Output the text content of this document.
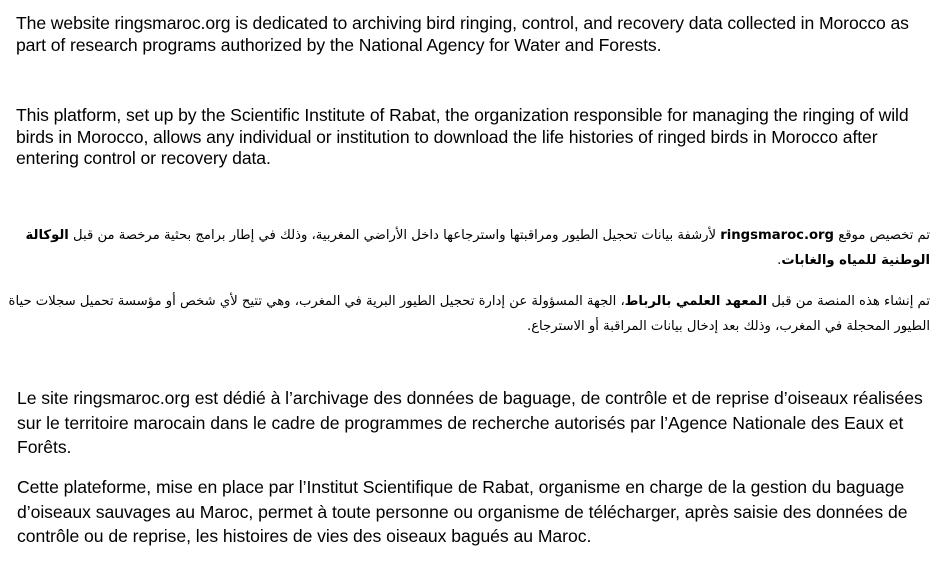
The website ringsmaroc.org is dedicated to archiving bird ringing, control, and recovery data collected in Morocco as part of research programs authorized by the National Agency for Water and Forests.

This platform, set up by the Scientific Institute of Rabat, the organization responsible for managing the ringing of wild birds in Morocco, allows any individual or institution to download the life histories of ringed birds in Morocco after entering control or recovery data.

تم تخصيص موقع ringsmaroc.org لأرشفة بيانات تحجيل الطيور ومراقبتها واسترجاعها داخل الأراضي المغربية، وذلك في إطار برامج بحثية مرخصة من قبل الوكالة الوطنية للمياه والغابات.

تم إنشاء هذه المنصة من قبل المعهد العلمي بالرباط، الجهة المسؤولة عن إدارة تحجيل الطيور البرية في المغرب، وهي تتيح لأي شخص أو مؤسسة تحميل سجلات حياة الطيور المحجلة في المغرب، وذلك بعد إدخال بيانات المراقبة أو الاسترجاع.

Le site ringsmaroc.org est dédié à l’archivage des données de baguage, de contrôle et de reprise d’oiseaux réalisées sur le territoire marocain dans le cadre de programmes de recherche autorisés par l’Agence Nationale des Eaux et Forêts.

Cette plateforme, mise en place par l’Institut Scientifique de Rabat, organisme en charge de la gestion du baguage d’oiseaux sauvages au Maroc, permet à toute personne ou organisme de télécharger, après saisie des données de contrôle ou de reprise, les histoires de vies des oiseaux bagués au Maroc.
